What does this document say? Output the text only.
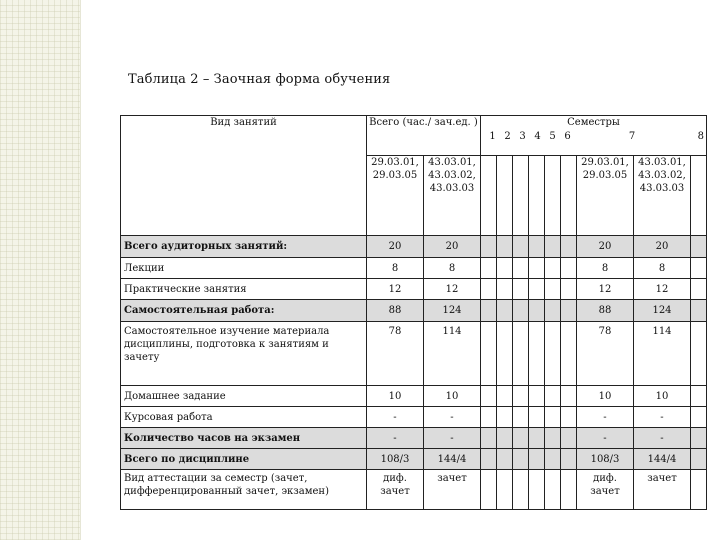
Таблица 2 – Заочная форма обучения
Вид занятий	Всего (час./ зач.ед. )		Семестры
1 2 3 4 5 6 7 8								

	29.03.01, 29.03.05	43.03.01, 43.03.02, 43.03.03							29.03.01, 29.03.05	43.03.01, 43.03.02, 43.03.03	
Всего аудиторных занятий:	20	20							20	20	
Лекции	8	8							8	8	
Практические занятия	12	12							12	12	
Самостоятельная работа:	88	124							88	124	
Самостоятельное изучение материала дисциплины, подготовка к занятиям и зачету	78	114							78	114	
Домашнее задание	10	10							10	10	
Курсовая работа	-	-							-	-	
Количество часов на экзамен	-	-							-	-	
Всего по дисциплине	108/3	144/4							108/3	144/4	
Вид аттестации за семестр (зачет, дифференцированный зачет, экзамен)	диф. зачет	зачет							диф. зачет	зачет	
